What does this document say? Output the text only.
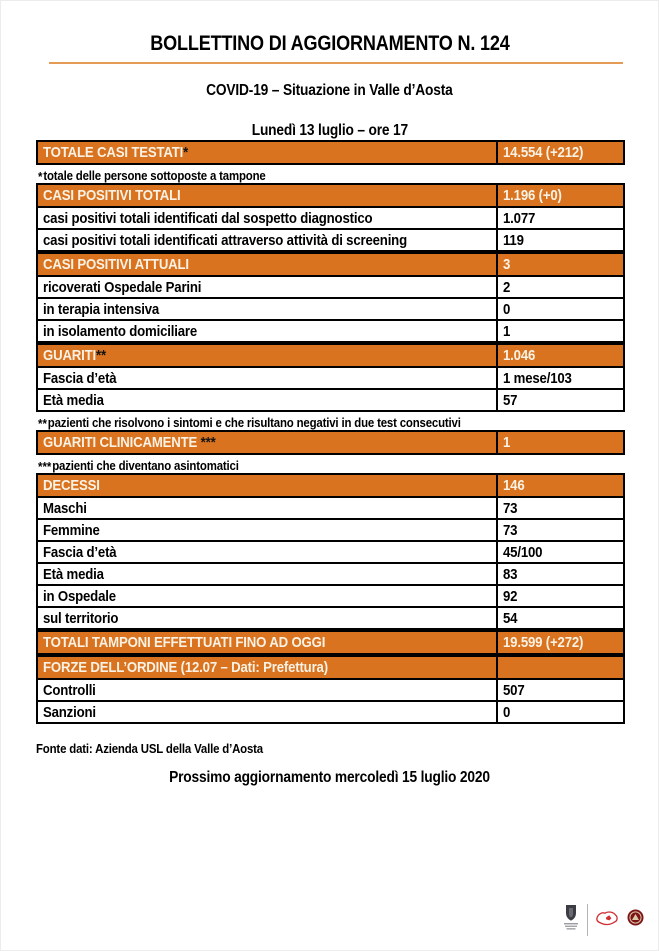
BOLLETTINO DI AGGIORNAMENTO N. 124
COVID-19 – Situazione in Valle d’Aosta
Lunedì 13 luglio – ore 17
TOTALE CASI TESTATI*	14.554 (+212)

*totale delle persone sottoposte a tampone

CASI POSITIVI TOTALI	1.196 (+0)
casi positivi totali identificati dal sospetto diagnostico	1.077
casi positivi totali identificati attraverso attività di screening	119
CASI POSITIVI ATTUALI	3
ricoverati Ospedale Parini	2
in terapia intensiva	0
in isolamento domiciliare	1
GUARITI**	1.046
Fascia d’età	1 mese/103
Età media	57

**pazienti che risolvono i sintomi e che risultano negativi in due test consecutivi

GUARITI CLINICAMENTE ***	1

***pazienti che diventano asintomatici

DECESSI	146
Maschi	73
Femmine	73
Fascia d’età	45/100
Età media	83
in Ospedale	92
sul territorio	54
TOTALI TAMPONI EFFETTUATI FINO AD OGGI	19.599 (+272)
FORZE DELL’ORDINE (12.07 – Dati: Prefettura)	
Controlli	507
Sanzioni	0

Fonte dati: Azienda USL della Valle d’Aosta

Prossimo aggiornamento mercoledì 15 luglio 2020
